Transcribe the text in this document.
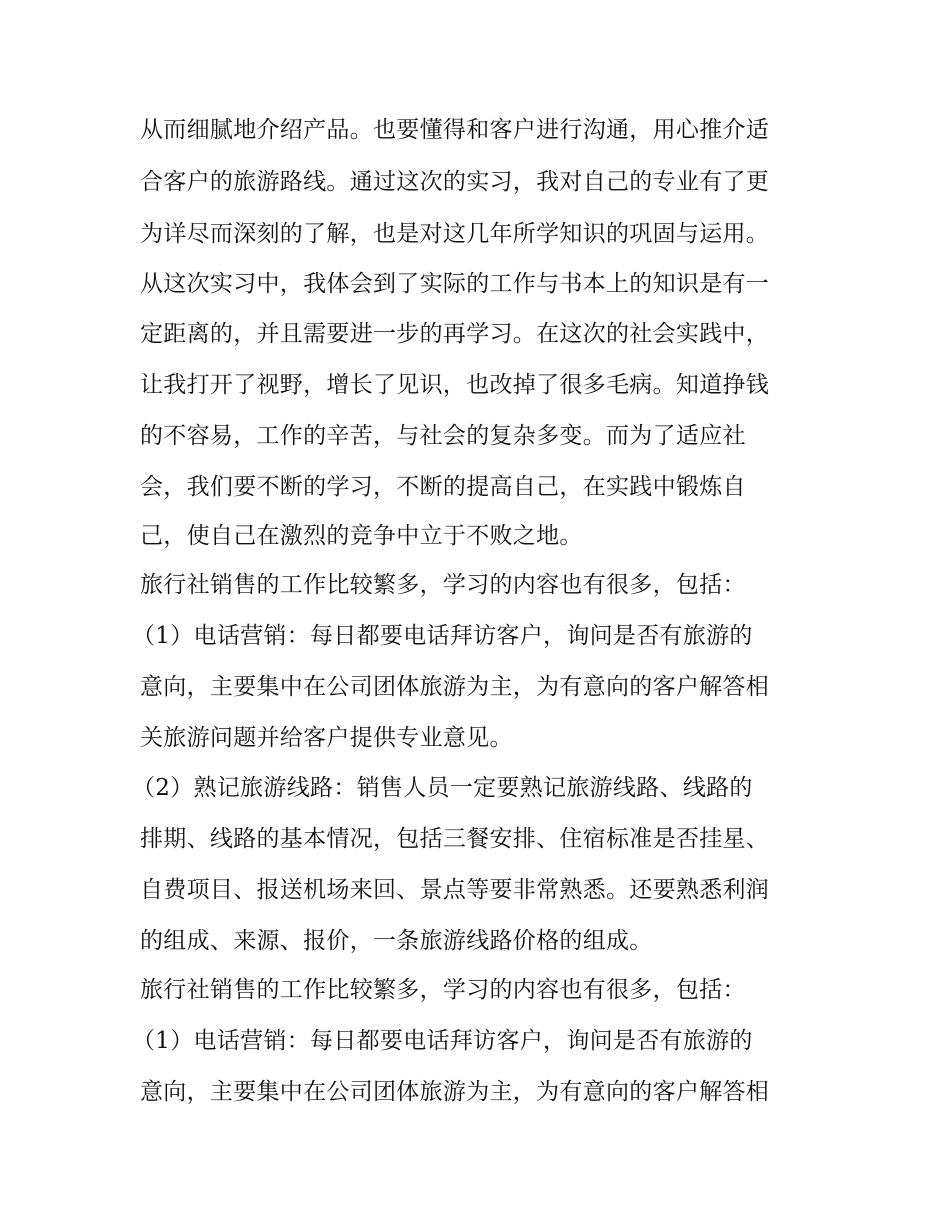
从而细腻地介绍产品。也要懂得和客户进行沟通，用心推介适
合客户的旅游路线。通过这次的实习，我对自己的专业有了更
为详尽而深刻的了解，也是对这几年所学知识的巩固与运用。
从这次实习中，我体会到了实际的工作与书本上的知识是有一
定距离的，并且需要进一步的再学习。在这次的社会实践中，
让我打开了视野，增长了见识，也改掉了很多毛病。知道挣钱
的不容易，工作的辛苦，与社会的复杂多变。而为了适应社
会，我们要不断的学习，不断的提高自己，在实践中锻炼自
己，使自己在激烈的竞争中立于不败之地。
旅行社销售的工作比较繁多，学习的内容也有很多，包括：
（1）电话营销：每日都要电话拜访客户，询问是否有旅游的
意向，主要集中在公司团体旅游为主，为有意向的客户解答相
关旅游问题并给客户提供专业意见。
（2）熟记旅游线路：销售人员一定要熟记旅游线路、线路的
排期、线路的基本情况，包括三餐安排、住宿标准是否挂星、
自费项目、报送机场来回、景点等要非常熟悉。还要熟悉利润
的组成、来源、报价，一条旅游线路价格的组成。
旅行社销售的工作比较繁多，学习的内容也有很多，包括：
（1）电话营销：每日都要电话拜访客户，询问是否有旅游的
意向，主要集中在公司团体旅游为主，为有意向的客户解答相
